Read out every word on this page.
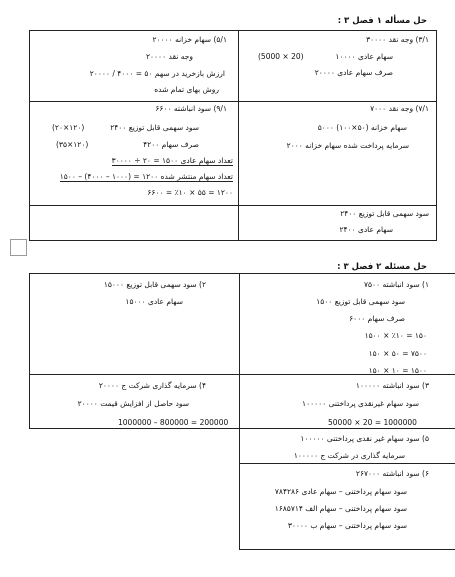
حل مسأله ۱ فصل ۳ :

۳/۱) وجه نقد ۳۰۰۰۰
سهام عادی ۱۰۰۰۰
(5000 × 20)
صرف سهام عادی ۲۰۰۰۰
۵/۱) سهام خزانه ۲۰۰۰۰
وجه نقد ۲۰۰۰۰
ارزش بازخرید در سهم ۵۰ = ۴۰۰۰ / ۲۰۰۰۰
روش بهای تمام شده
۷/۱) وجه نقد ۷۰۰۰
سهام خزانه (۵۰×۱۰۰) ۵۰۰۰
سرمایه پرداخت شده سهام خزانه ۲۰۰۰
۹/۱) سود انباشته ۶۶۰۰
سود سهمی قابل توزیع ۲۴۰۰
(۲۰×۱۲۰)
صرف سهام ۴۲۰۰
(۳۵×۱۲۰)
تعداد سهام عادی ۱۵۰۰ = ۲۰ ÷ ۳۰۰۰۰
تعداد سهام منتشر شده ۱۲۰۰ = (۱۰۰۰ – ۴۰۰۰) – ۱۵۰۰
۱۲۰۰ = ۵۵ × ٪۱۰ = ۶۶۰۰
سود سهمی قابل توزیع ۲۴۰۰
سهام عادی ۲۴۰۰
حل مسئله ۲ فصل ۳ :

۱) سود انباشته ۷۵۰۰
سود سهمی قابل توزیع ۱۵۰۰
صرف سهام ۶۰۰۰
۱۵۰ = ٪۱۰ × ۱۵۰۰
۷۵۰۰ = ۵۰ × ۱۵۰
۱۵۰۰ = ۱۰ × ۱۵۰
۲) سود سهمی قابل توزیع ۱۵۰۰۰
سهام عادی ۱۵۰۰۰
۳) سود انباشته ۱۰۰۰۰۰
سود سهام غیرنقدی پرداختنی ۱۰۰۰۰۰
50000 × 20 = 1000000
۴) سرمایه گذاری شرکت ج ۲۰۰۰۰
سود حاصل از افزایش قیمت ۲۰۰۰۰
1000000 – 800000 = 200000
۵) سود سهام غیر نقدی پرداختنی ۱۰۰۰۰۰
سرمایه گذاری در شرکت ج ۱۰۰۰۰۰
۶) سود انباشته ۲۶۷۰۰۰
سود سهام پرداختنی – سهام عادی ۷۸۴۲۸۶
سود سهام پرداختنی – سهام الف ۱۶۸۵۷۱۴
سود سهام پرداختنی – سهام ب ۳۰۰۰۰
